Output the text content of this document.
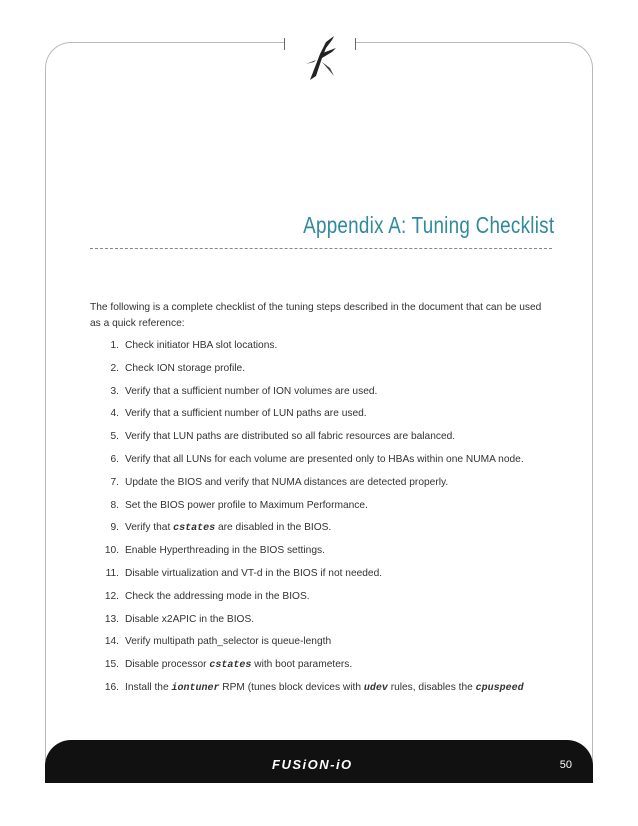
Appendix A: Tuning Checklist
The following is a complete checklist of the tuning steps described in the document that can be used as a quick reference:
1. Check initiator HBA slot locations.
2. Check ION storage profile.
3. Verify that a sufficient number of ION volumes are used.
4. Verify that a sufficient number of LUN paths are used.
5. Verify that LUN paths are distributed so all fabric resources are balanced.
6. Verify that all LUNs for each volume are presented only to HBAs within one NUMA node.
7. Update the BIOS and verify that NUMA distances are detected properly.
8. Set the BIOS power profile to Maximum Performance.
9. Verify that cstates are disabled in the BIOS.
10. Enable Hyperthreading in the BIOS settings.
11. Disable virtualization and VT-d in the BIOS if not needed.
12. Check the addressing mode in the BIOS.
13. Disable x2APIC in the BIOS.
14. Verify multipath path_selector is queue-length
15. Disable processor cstates with boot parameters.
16. Install the iontuner RPM (tunes block devices with udev rules, disables the cpuspeed
FUSiON-iO	50
